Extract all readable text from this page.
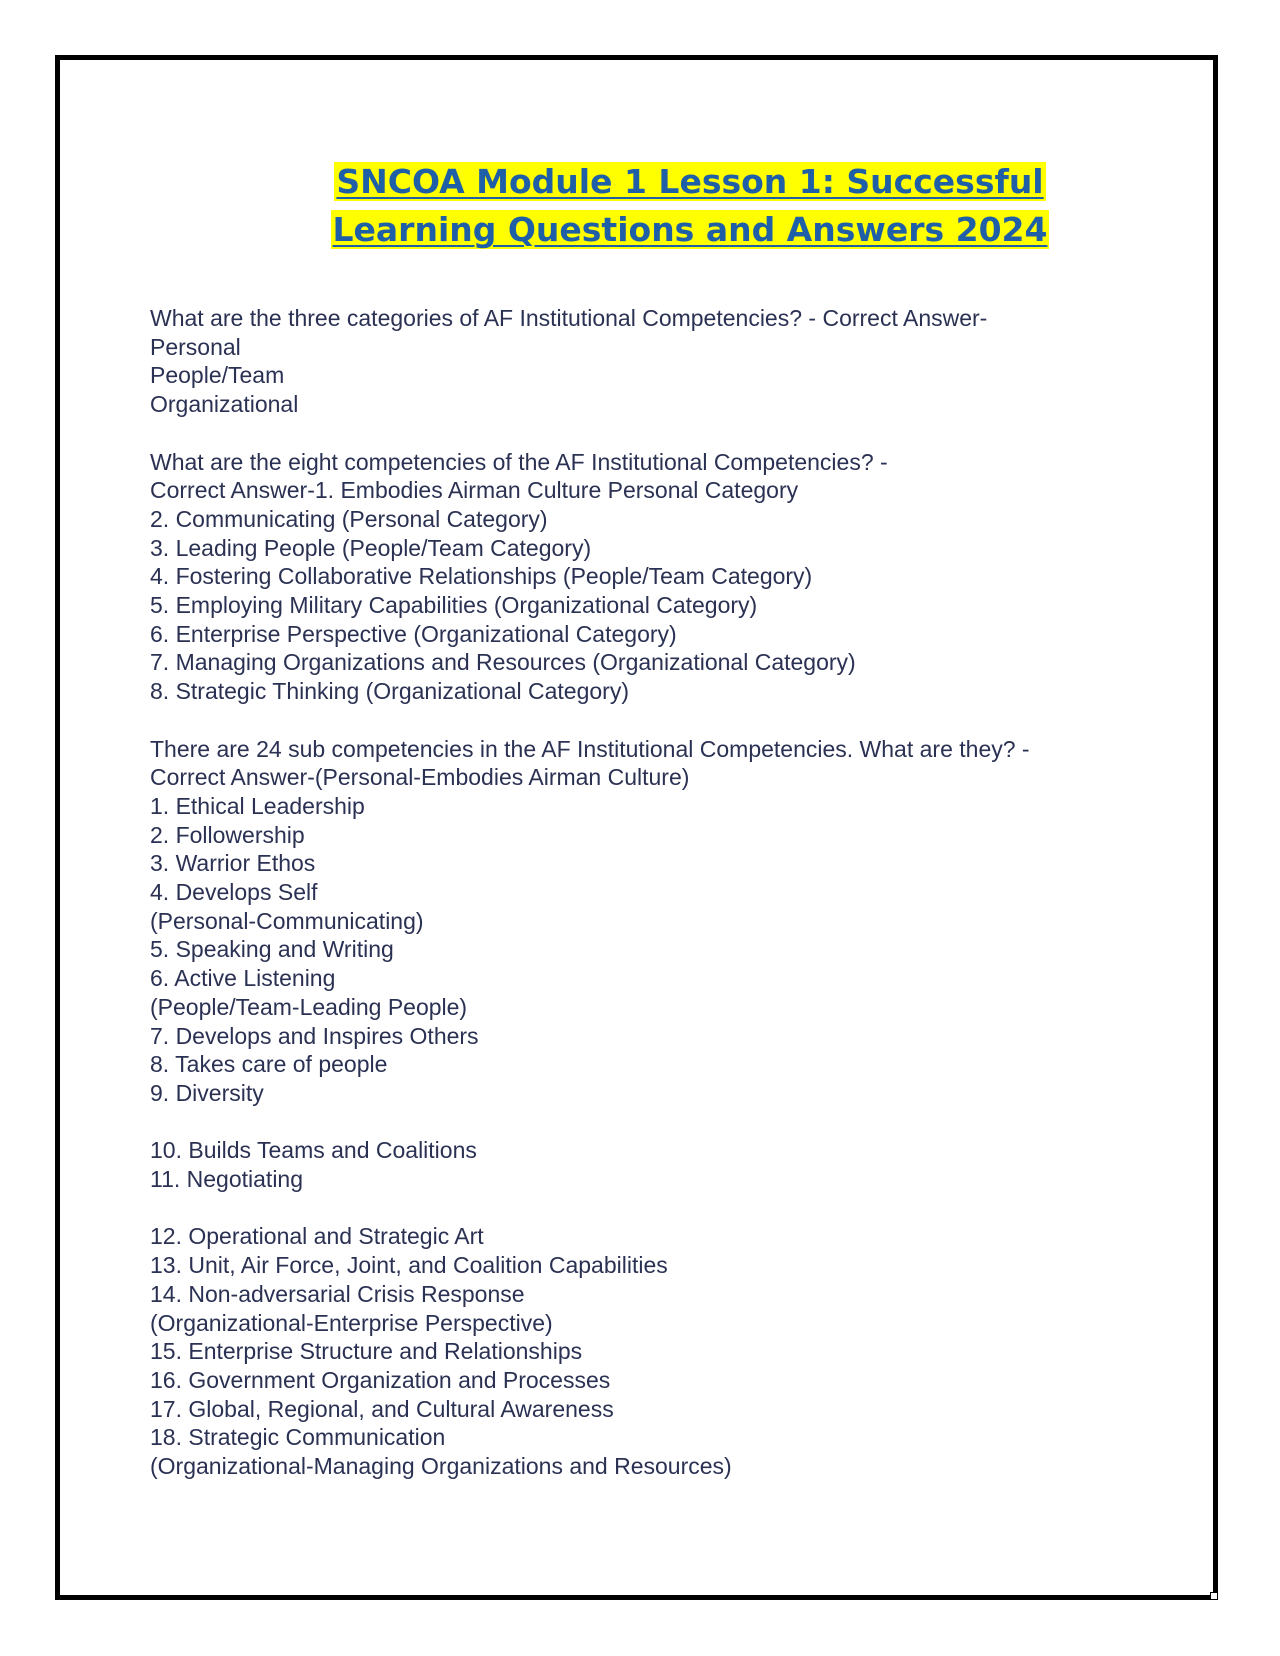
SNCOA Module 1 Lesson 1: Successful
Learning Questions and Answers 2024

What are the three categories of AF Institutional Competencies? - Correct Answer-

Personal

People/Team

Organizational

What are the eight competencies of the AF Institutional Competencies? -

Correct Answer-1. Embodies Airman Culture Personal Category

2. Communicating (Personal Category)

3. Leading People (People/Team Category)

4. Fostering Collaborative Relationships (People/Team Category)

5. Employing Military Capabilities (Organizational Category)

6. Enterprise Perspective (Organizational Category)

7. Managing Organizations and Resources (Organizational Category)

8. Strategic Thinking (Organizational Category)

There are 24 sub competencies in the AF Institutional Competencies. What are they? -

Correct Answer-(Personal-Embodies Airman Culture)

1. Ethical Leadership

2. Followership

3. Warrior Ethos

4. Develops Self

(Personal-Communicating)

5. Speaking and Writing

6. Active Listening

(People/Team-Leading People)

7. Develops and Inspires Others

8. Takes care of people

9. Diversity

10. Builds Teams and Coalitions

11. Negotiating

12. Operational and Strategic Art

13. Unit, Air Force, Joint, and Coalition Capabilities

14. Non-adversarial Crisis Response

(Organizational-Enterprise Perspective)

15. Enterprise Structure and Relationships

16. Government Organization and Processes

17. Global, Regional, and Cultural Awareness

18. Strategic Communication

(Organizational-Managing Organizations and Resources)
